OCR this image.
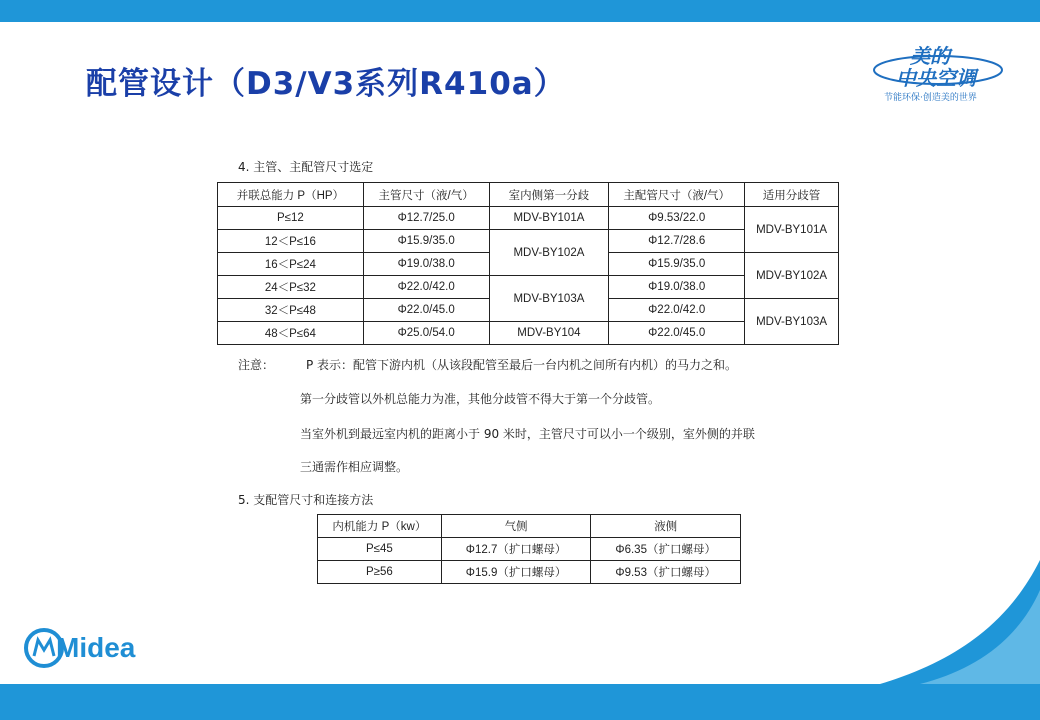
配管设计（D3/V3系列R410a）
美的
中央空调
节能环保·创造美的世界
4. 主管、主配管尺寸选定
并联总能力 P（HP）	主管尺寸（液/气）	室内侧第一分歧	主配管尺寸（液/气）	适用分歧管
P≤12	Φ12.7/25.0	MDV-BY101A	Φ9.53/22.0	MDV-BY101A
12＜P≤16	Φ15.9/35.0	MDV-BY102A	Φ12.7/28.6	
16＜P≤24	Φ19.0/38.0		Φ15.9/35.0	MDV-BY102A
24＜P≤32	Φ22.0/42.0	MDV-BY103A	Φ19.0/38.0	
32＜P≤48	Φ22.0/45.0		Φ22.0/42.0	MDV-BY103A
48＜P≤64	Φ25.0/54.0	MDV-BY104	Φ22.0/45.0	
注意：	P 表示：配管下游内机（从该段配管至最后一台内机之间所有内机）的马力之和。
第一分歧管以外机总能力为准，其他分歧管不得大于第一个分歧管。
当室外机到最远室内机的距离小于 90 米时，主管尺寸可以小一个级别，室外侧的并联
三通需作相应调整。
5. 支配管尺寸和连接方法
内机能力 P（kw）	气侧	液侧
P≤45	Φ12.7（扩口螺母）	Φ6.35（扩口螺母）
P≥56	Φ15.9（扩口螺母）	Φ9.53（扩口螺母）
Midea
